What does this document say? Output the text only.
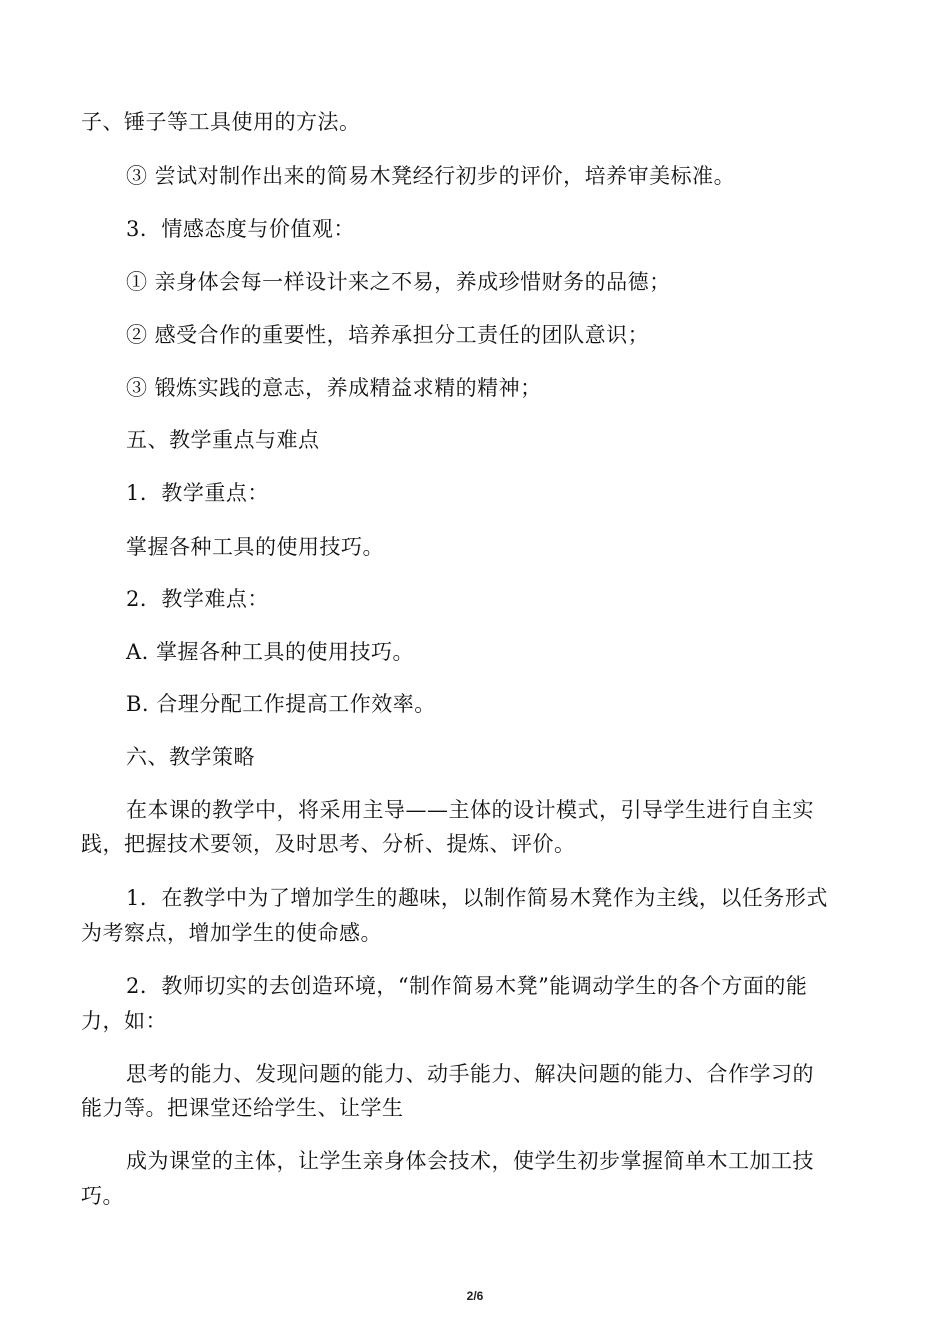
子、锤子等工具使用的方法。
③ 尝试对制作出来的简易木凳经行初步的评价，培养审美标准。
3．情感态度与价值观：
① 亲身体会每一样设计来之不易，养成珍惜财务的品德；
② 感受合作的重要性，培养承担分工责任的团队意识；
③ 锻炼实践的意志，养成精益求精的精神；
五、教学重点与难点
1．教学重点：
掌握各种工具的使用技巧。
2．教学难点：
A. 掌握各种工具的使用技巧。
B. 合理分配工作提高工作效率。
六、教学策略
在本课的教学中，将采用主导——主体的设计模式，引导学生进行自主实
践，把握技术要领，及时思考、分析、提炼、评价。
1．在教学中为了增加学生的趣味，以制作简易木凳作为主线，以任务形式
为考察点，增加学生的使命感。
2．教师切实的去创造环境，“制作简易木凳”能调动学生的各个方面的能
力，如：
思考的能力、发现问题的能力、动手能力、解决问题的能力、合作学习的
能力等。把课堂还给学生、让学生
成为课堂的主体，让学生亲身体会技术，使学生初步掌握简单木工加工技
巧。
2/6
